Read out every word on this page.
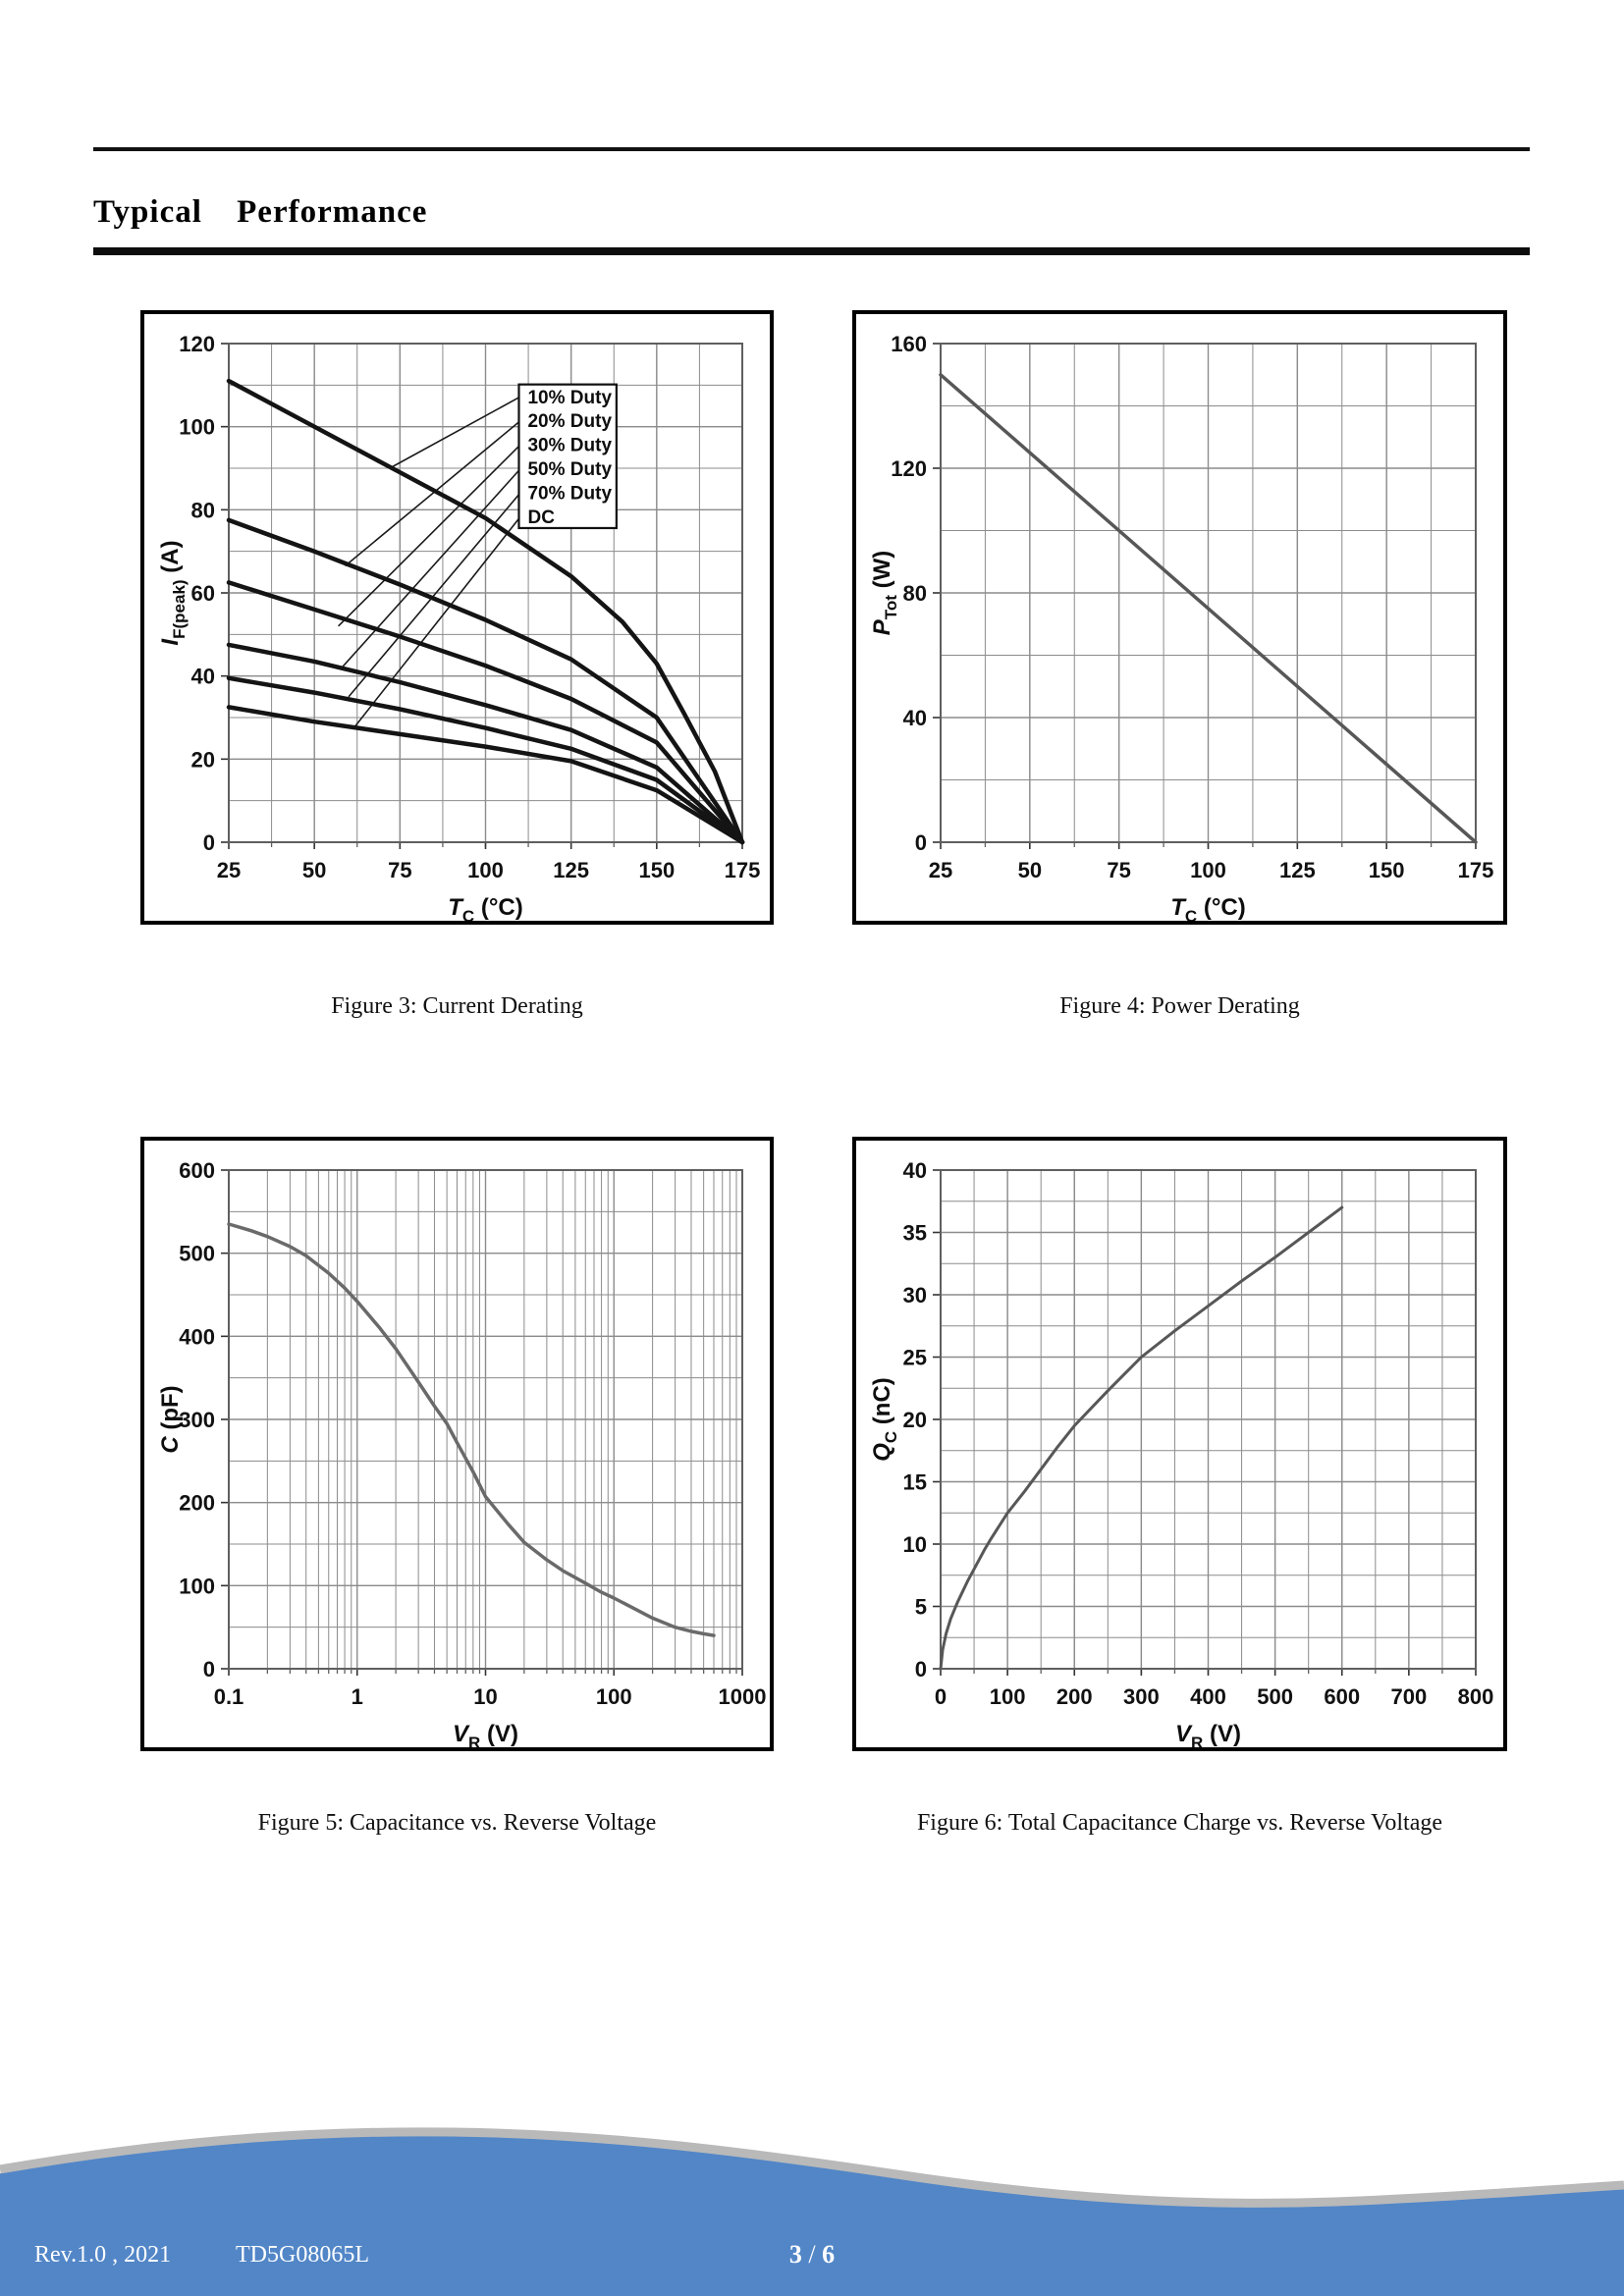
Typical Performance
25	50	75	100 125 150 175
0
20
40
60
80
100
120
10% Duty
20% Duty
30% Duty
50% Duty
70% Duty
DC
TC (°C)
IF(peak) (A)
25	50	75	100 125 150 175
0
40
80
120
160
TC (°C)
PTot (W)
Figure 3: Current Derating	Figure 4: Power Derating
0.1	1	10	100	1000
0
100
200
300
400
500
600
VR (V)
C (pF)
0 100 200 300 400 500 600 700 800
0
5
10
15
20
25
30
35
40
VR (V)
QC (nC)
Figure 5: Capacitance vs. Reverse Voltage	Figure 6: Total Capacitance Charge vs. Reverse Voltage
Rev.1.0 , 2021	TD5G08065L	3 / 6
